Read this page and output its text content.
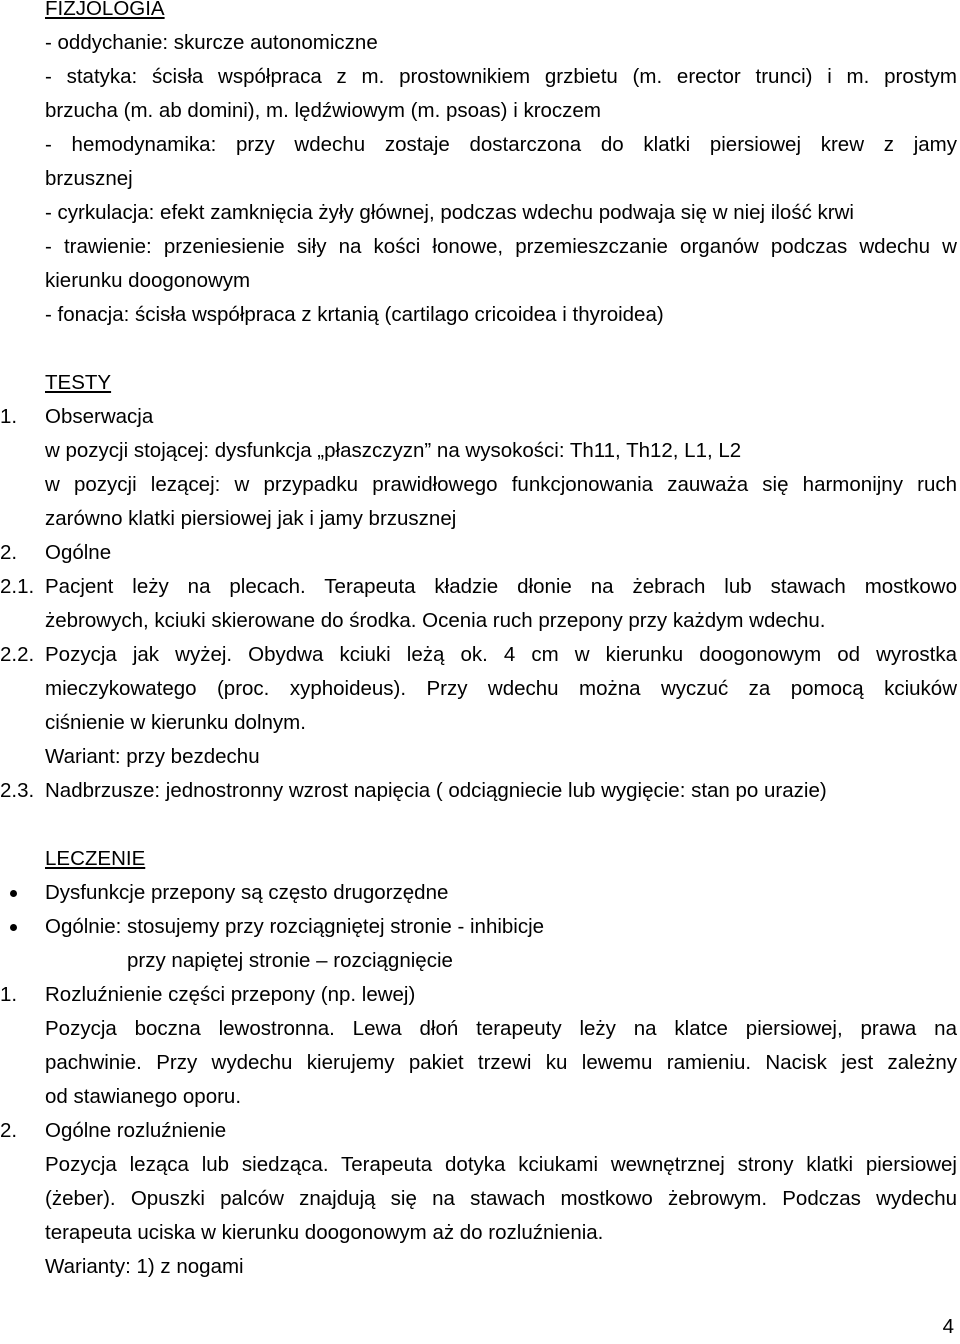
FIZJOLOGIA
- oddychanie: skurcze autonomiczne
- statyka: ścisła współpraca z m. prostownikiem grzbietu (m. erector trunci) i m. prostym
brzucha (m. ab domini), m. lędźwiowym (m. psoas) i kroczem
- hemodynamika: przy wdechu zostaje dostarczona do klatki piersiowej krew z jamy
brzusznej
- cyrkulacja: efekt zamknięcia żyły głównej, podczas wdechu podwaja się w niej ilość krwi
- trawienie: przeniesienie siły na kości łonowe, przemieszczanie organów podczas wdechu w
kierunku doogonowym
- fonacja: ścisła współpraca z krtanią (cartilago cricoidea i thyroidea)
TESTY
1.	Obserwacja
w pozycji stojącej: dysfunkcja „płaszczyzn” na wysokości: Th11, Th12, L1, L2
w pozycji lezącej: w przypadku prawidłowego funkcjonowania zauważa się harmonijny ruch
zarówno klatki piersiowej jak i jamy brzusznej
2.	Ogólne
2.1. Pacjent leży na plecach. Terapeuta kładzie dłonie na żebrach lub stawach mostkowo
żebrowych, kciuki skierowane do środka. Ocenia ruch przepony przy każdym wdechu.
2.2. Pozycja jak wyżej. Obydwa kciuki leżą ok. 4 cm w kierunku doogonowym od wyrostka
mieczykowatego (proc. xyphoideus). Przy wdechu można wyczuć za pomocą kciuków
ciśnienie w kierunku dolnym.
Wariant: przy bezdechu
2.3. Nadbrzusze: jednostronny wzrost napięcia ( odciągniecie lub wygięcie: stan po urazie)
LECZENIE
Dysfunkcje przepony są często drugorzędne
Ogólnie: stosujemy przy rozciągniętej stronie - inhibicje
przy napiętej stronie – rozciągnięcie
1.	Rozluźnienie części przepony (np. lewej)
Pozycja boczna lewostronna. Lewa dłoń terapeuty leży na klatce piersiowej, prawa na
pachwinie. Przy wydechu kierujemy pakiet trzewi ku lewemu ramieniu. Nacisk jest zależny
od stawianego oporu.
2.	Ogólne rozluźnienie
Pozycja leząca lub siedząca. Terapeuta dotyka kciukami wewnętrznej strony klatki piersiowej
(żeber). Opuszki palców znajdują się na stawach mostkowo żebrowym. Podczas wydechu
terapeuta uciska w kierunku doogonowym aż do rozluźnienia.
Warianty: 1) z nogami
4
